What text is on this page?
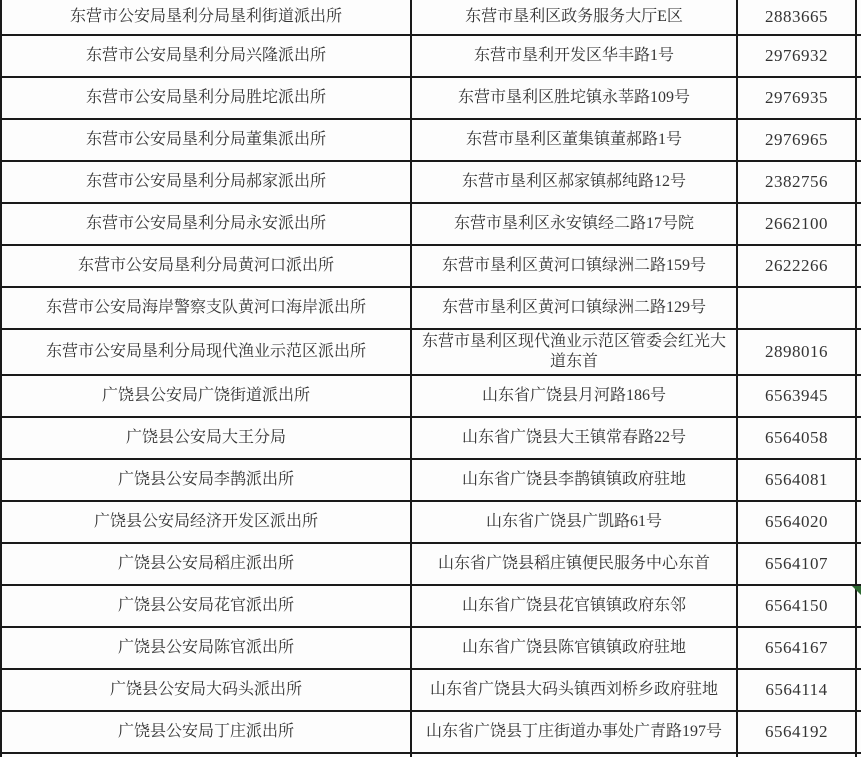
东营市公安局垦利分局垦利街道派出所	东营市垦利区政务服务大厅E区	2883665	
东营市公安局垦利分局兴隆派出所	东营市垦利开发区华丰路1号	2976932	
东营市公安局垦利分局胜坨派出所	东营市垦利区胜坨镇永莘路109号	2976935	
东营市公安局垦利分局董集派出所	东营市垦利区董集镇董郝路1号	2976965	
东营市公安局垦利分局郝家派出所	东营市垦利区郝家镇郝纯路12号	2382756	
东营市公安局垦利分局永安派出所	东营市垦利区永安镇经二路17号院	2662100	
东营市公安局垦利分局黄河口派出所	东营市垦利区黄河口镇绿洲二路159号	2622266	
东营市公安局海岸警察支队黄河口海岸派出所	东营市垦利区黄河口镇绿洲二路129号		
东营市公安局垦利分局现代渔业示范区派出所	东营市垦利区现代渔业示范区管委会红光大道东首	2898016	
广饶县公安局广饶街道派出所	山东省广饶县月河路186号	6563945	
广饶县公安局大王分局	山东省广饶县大王镇常春路22号	6564058	
广饶县公安局李鹊派出所	山东省广饶县李鹊镇镇政府驻地	6564081	
广饶县公安局经济开发区派出所	山东省广饶县广凯路61号	6564020	
广饶县公安局稻庄派出所	山东省广饶县稻庄镇便民服务中心东首	6564107	
广饶县公安局花官派出所	山东省广饶县花官镇镇政府东邻	6564150	
广饶县公安局陈官派出所	山东省广饶县陈官镇镇政府驻地	6564167	
广饶县公安局大码头派出所	山东省广饶县大码头镇西刘桥乡政府驻地	6564114	
广饶县公安局丁庄派出所	山东省广饶县丁庄街道办事处广青路197号	6564192	
